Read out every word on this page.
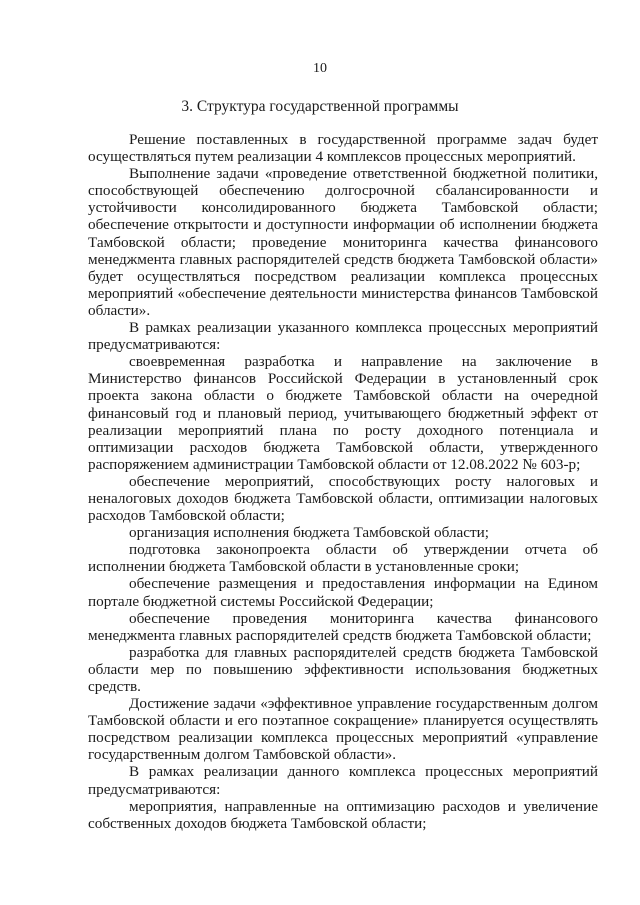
10
3. Структура государственной программы

Решение поставленных в государственной программе задач будет осуществляться путем реализации 4 комплексов процессных мероприятий.

Выполнение задачи «проведение ответственной бюджетной политики, способствующей обеспечению долгосрочной сбалансированности и устойчивости консолидированного бюджета Тамбовской области; обеспечение открытости и доступности информации об исполнении бюджета Тамбовской области; проведение мониторинга качества финансового менеджмента главных распорядителей средств бюджета Тамбовской области» будет осуществляться посредством реализации комплекса процессных мероприятий «обеспечение деятельности министерства финансов Тамбовской области».

В рамках реализации указанного комплекса процессных мероприятий предусматриваются:

своевременная разработка и направление на заключение в Министерство финансов Российской Федерации в установленный срок проекта закона области о бюджете Тамбовской области на очередной финансовый год и плановый период, учитывающего бюджетный эффект от реализации мероприятий плана по росту доходного потенциала и оптимизации расходов бюджета Тамбовской области, утвержденного распоряжением администрации Тамбовской области от 12.08.2022 № 603-р;

обеспечение мероприятий, способствующих росту налоговых и неналоговых доходов бюджета Тамбовской области, оптимизации налоговых расходов Тамбовской области;

организация исполнения бюджета Тамбовской области;

подготовка законопроекта области об утверждении отчета об исполнении бюджета Тамбовской области в установленные сроки;

обеспечение размещения и предоставления информации на Едином портале бюджетной системы Российской Федерации;

обеспечение проведения мониторинга качества финансового менеджмента главных распорядителей средств бюджета Тамбовской области;

разработка для главных распорядителей средств бюджета Тамбовской области мер по повышению эффективности использования бюджетных средств.

Достижение задачи «эффективное управление государственным долгом Тамбовской области и его поэтапное сокращение» планируется осуществлять посредством реализации комплекса процессных мероприятий «управление государственным долгом Тамбовской области».

В рамках реализации данного комплекса процессных мероприятий предусматриваются:

мероприятия, направленные на оптимизацию расходов и увеличение собственных доходов бюджета Тамбовской области;
